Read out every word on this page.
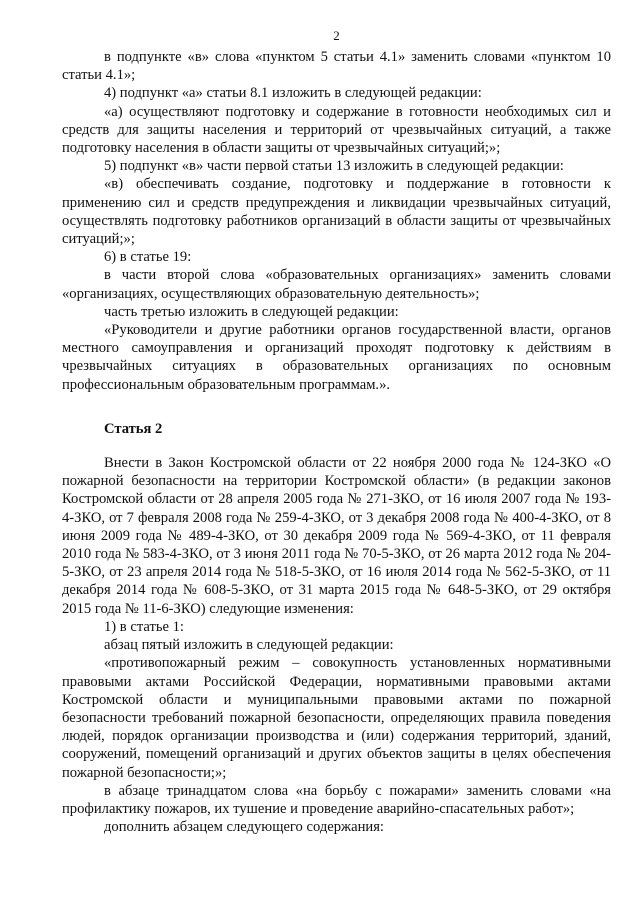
2

в подпункте «в» слова «пунктом 5 статьи 4.1» заменить словами «пунктом 10 статьи 4.1»;

4) подпункт «а» статьи 8.1 изложить в следующей редакции:

«а) осуществляют подготовку и содержание в готовности необходимых сил и средств для защиты населения и территорий от чрезвычайных ситуаций, а также подготовку населения в области защиты от чрезвычайных ситуаций;»;

5) подпункт «в» части первой статьи 13 изложить в следующей редакции:

«в) обеспечивать создание, подготовку и поддержание в готовности к применению сил и средств предупреждения и ликвидации чрезвычайных ситуаций, осуществлять подготовку работников организаций в области защиты от чрезвычайных ситуаций;»;

6) в статье 19:

в части второй слова «образовательных организациях» заменить словами «организациях, осуществляющих образовательную деятельность»;

часть третью изложить в следующей редакции:

«Руководители и другие работники органов государственной власти, органов местного самоуправления и организаций проходят подготовку к действиям в чрезвычайных ситуациях в образовательных организациях по основным профессиональным образовательным программам.».

Статья 2

Внести в Закон Костромской области от 22 ноября 2000 года № 124-ЗКО «О пожарной безопасности на территории Костромской области» (в редакции законов Костромской области от 28 апреля 2005 года № 271-ЗКО, от 16 июля 2007 года № 193-4-ЗКО, от 7 февраля 2008 года № 259-4-ЗКО, от 3 декабря 2008 года № 400-4-ЗКО, от 8 июня 2009 года № 489-4-ЗКО, от 30 декабря 2009 года № 569-4-ЗКО, от 11 февраля 2010 года № 583-4-ЗКО, от 3 июня 2011 года № 70-5-ЗКО, от 26 марта 2012 года № 204-5-ЗКО, от 23 апреля 2014 года № 518-5-ЗКО, от 16 июля 2014 года № 562-5-ЗКО, от 11 декабря 2014 года № 608-5-ЗКО, от 31 марта 2015 года № 648-5-ЗКО, от 29 октября 2015 года № 11-6-ЗКО) следующие изменения:

1) в статье 1:

абзац пятый изложить в следующей редакции:

«противопожарный режим – совокупность установленных нормативными правовыми актами Российской Федерации, нормативными правовыми актами Костромской области и муниципальными правовыми актами по пожарной безопасности требований пожарной безопасности, определяющих правила поведения людей, порядок организации производства и (или) содержания территорий, зданий, сооружений, помещений организаций и других объектов защиты в целях обеспечения пожарной безопасности;»;

в абзаце тринадцатом слова «на борьбу с пожарами» заменить словами «на профилактику пожаров, их тушение и проведение аварийно-спасательных работ»;

дополнить абзацем следующего содержания:
